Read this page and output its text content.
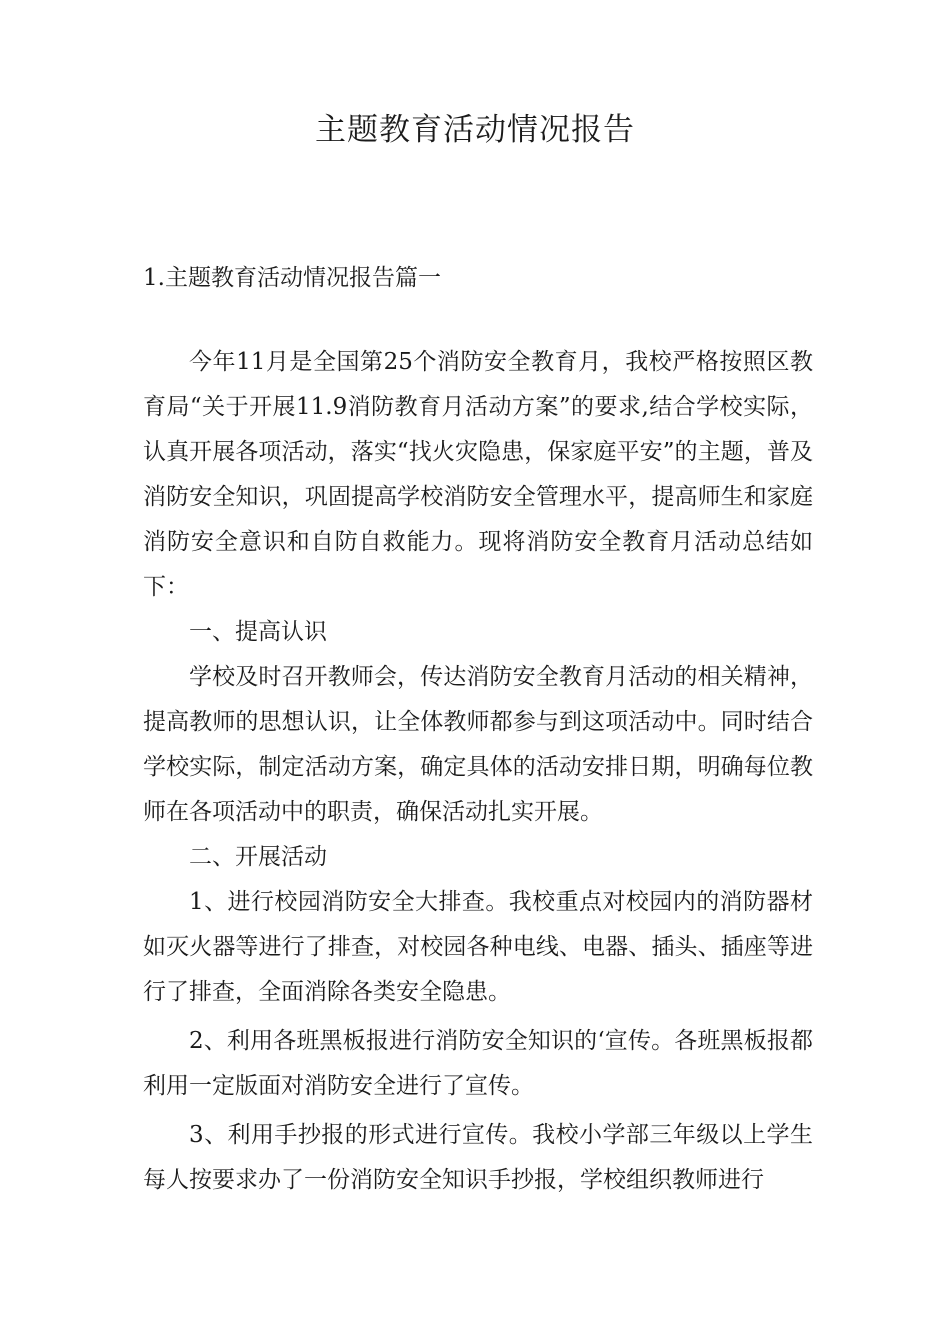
主题教育活动情况报告
1.主题教育活动情况报告篇一

今年11月是全国第25个消防安全教育月，我校严格按照区教育局“关于开展11.9消防教育月活动方案”的要求,结合学校实际，认真开展各项活动，落实“找火灾隐患，保家庭平安”的主题，普及消防安全知识，巩固提高学校消防安全管理水平，提高师生和家庭消防安全意识和自防自救能力。现将消防安全教育月活动总结如下：

一、提高认识

学校及时召开教师会，传达消防安全教育月活动的相关精神，提高教师的思想认识，让全体教师都参与到这项活动中。同时结合学校实际，制定活动方案，确定具体的活动安排日期，明确每位教师在各项活动中的职责，确保活动扎实开展。

二、开展活动

1、进行校园消防安全大排查。我校重点对校园内的消防器材如灭火器等进行了排查，对校园各种电线、电器、插头、插座等进行了排查，全面消除各类安全隐患。

2、利用各班黑板报进行消防安全知识的‘宣传。各班黑板报都利用一定版面对消防安全进行了宣传。

3、利用手抄报的形式进行宣传。我校小学部三年级以上学生每人按要求办了一份消防安全知识手抄报，学校组织教师进行
